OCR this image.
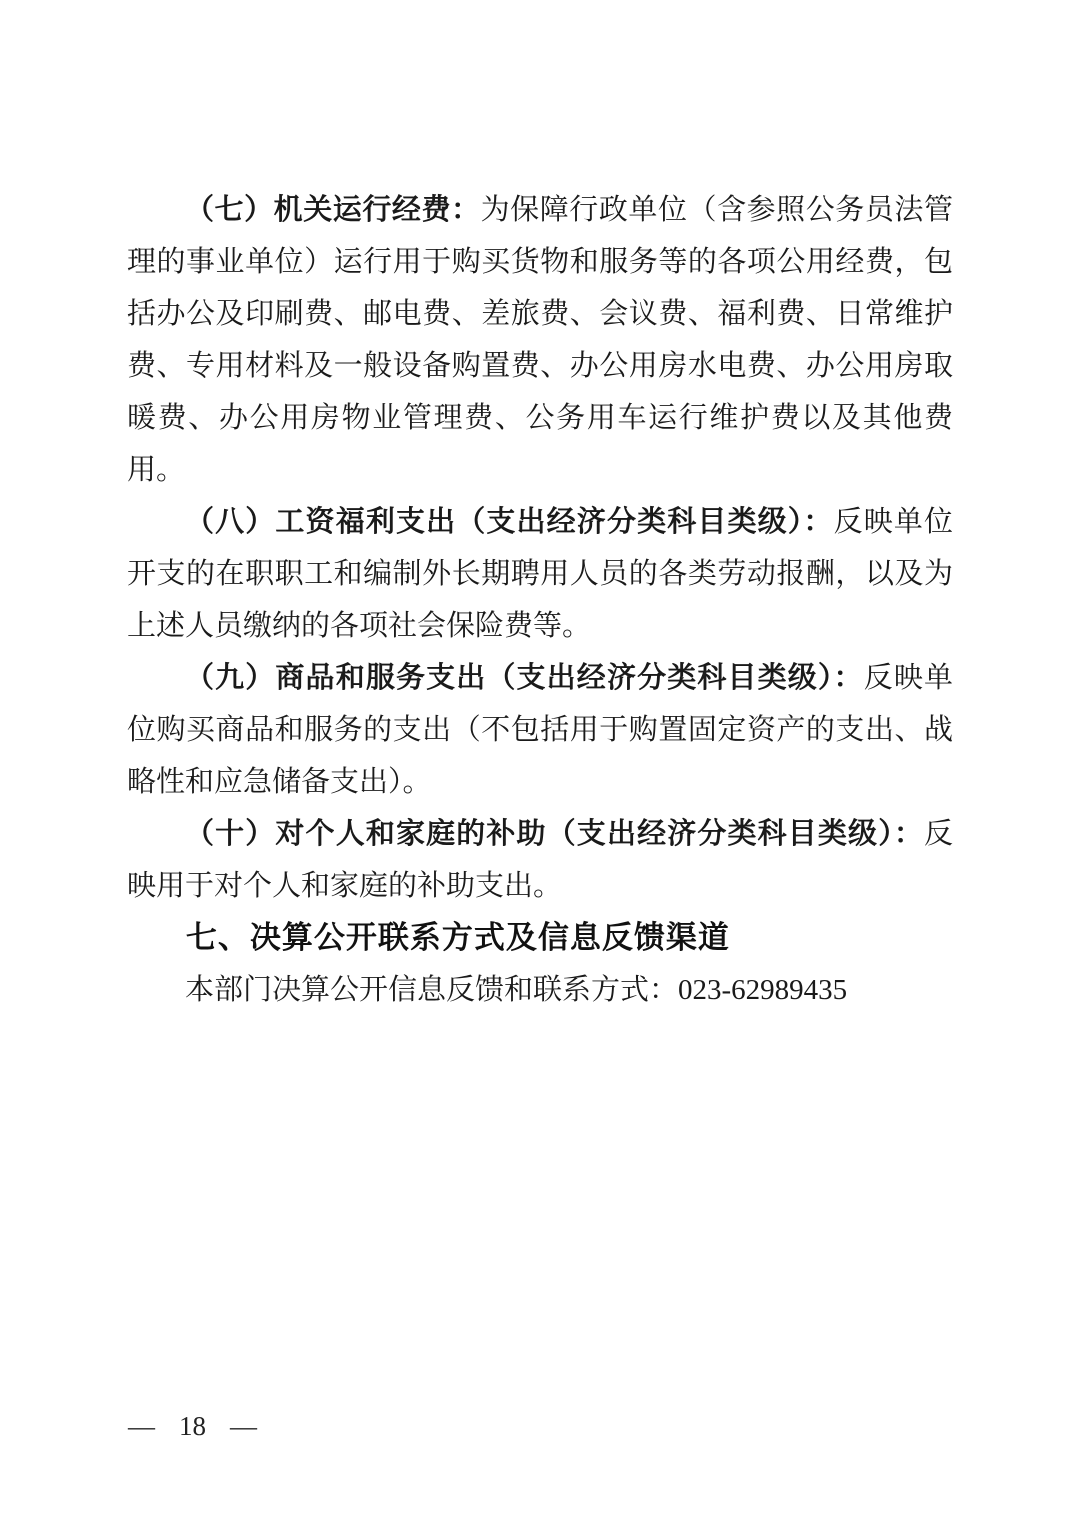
（七）机关运行经费：为保障行政单位（含参照公务员法管理的事业单位）运行用于购买货物和服务等的各项公用经费，包括办公及印刷费、邮电费、差旅费、会议费、福利费、日常维护费、专用材料及一般设备购置费、办公用房水电费、办公用房取暖费、办公用房物业管理费、公务用车运行维护费以及其他费用。

（八）工资福利支出（支出经济分类科目类级）：反映单位开支的在职职工和编制外长期聘用人员的各类劳动报酬，以及为上述人员缴纳的各项社会保险费等。

（九）商品和服务支出（支出经济分类科目类级）：反映单位购买商品和服务的支出（不包括用于购置固定资产的支出、战略性和应急储备支出）。

（十）对个人和家庭的补助（支出经济分类科目类级）：反映用于对个人和家庭的补助支出。

七、决算公开联系方式及信息反馈渠道

本部门决算公开信息反馈和联系方式：023-62989435

— 18 —
